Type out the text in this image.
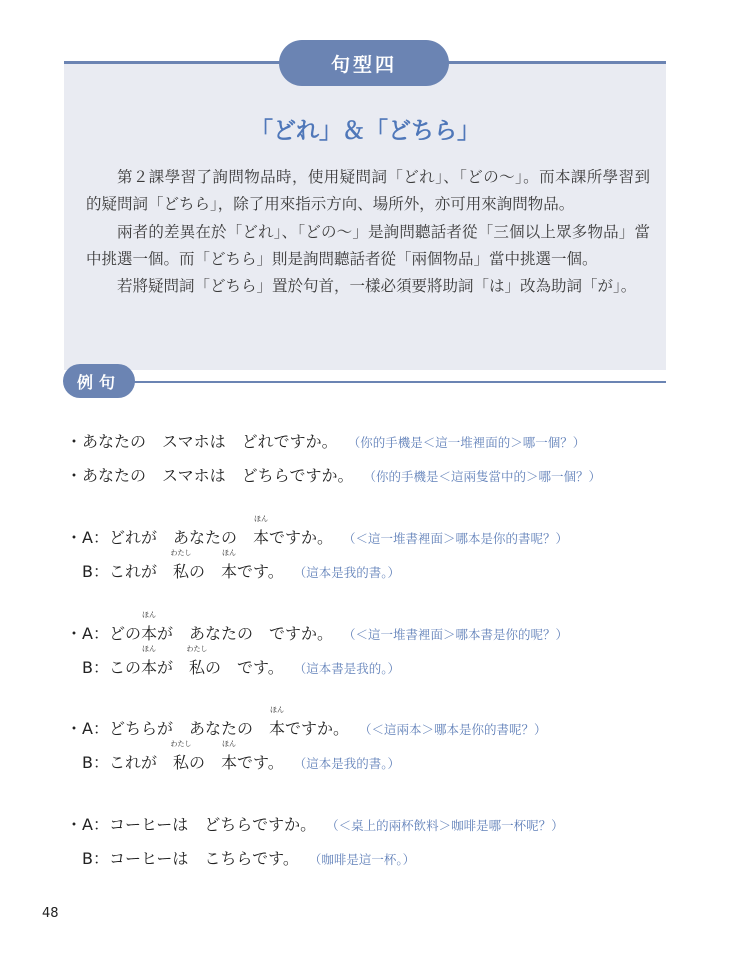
句型四
「どれ」＆「どちら」

第２課學習了詢問物品時，使用疑問詞「どれ」、「どの～」。而本課所學習到的疑問詞「どちら」，除了用來指示方向、場所外，亦可用來詢問物品。

兩者的差異在於「どれ」、「どの～」是詢問聽話者從「三個以上眾多物品」當中挑選一個。而「どちら」則是詢問聽話者從「兩個物品」當中挑選一個。

若將疑問詞「どちら」置於句首，一樣必須要將助詞「は」改為助詞「が」。

例句
・あなたの　スマホは　どれですか。 （你的手機是＜這一堆裡面的＞哪一個？）
・あなたの　スマホは　どちらですか。 （你的手機是＜這兩隻當中的＞哪一個？）
・A：どれが　あなたの　
ほん
本 ですか。 （＜這一堆書裡面＞哪本是你的書呢？）
　B：これが　
わたし
私 の　
ほん
本 です。 （這本是我的書。）
・A：どの
ほん
本 が　あなたの　ですか。 （＜這一堆書裡面＞哪本書是你的呢？）
　B：この
ほん
本 が　
わたし
私 の　です。 （這本書是我的。）
・A：どちらが　あなたの　
ほん
本 ですか。 （＜這兩本＞哪本是你的書呢？）
　B：これが　
わたし
私 の　
ほん
本 です。 （這本是我的書。）
・A：コーヒーは　どちらですか。 （＜桌上的兩杯飲料＞咖啡是哪一杯呢？）
　B：コーヒーは　こちらです。 （咖啡是這一杯。）
48
